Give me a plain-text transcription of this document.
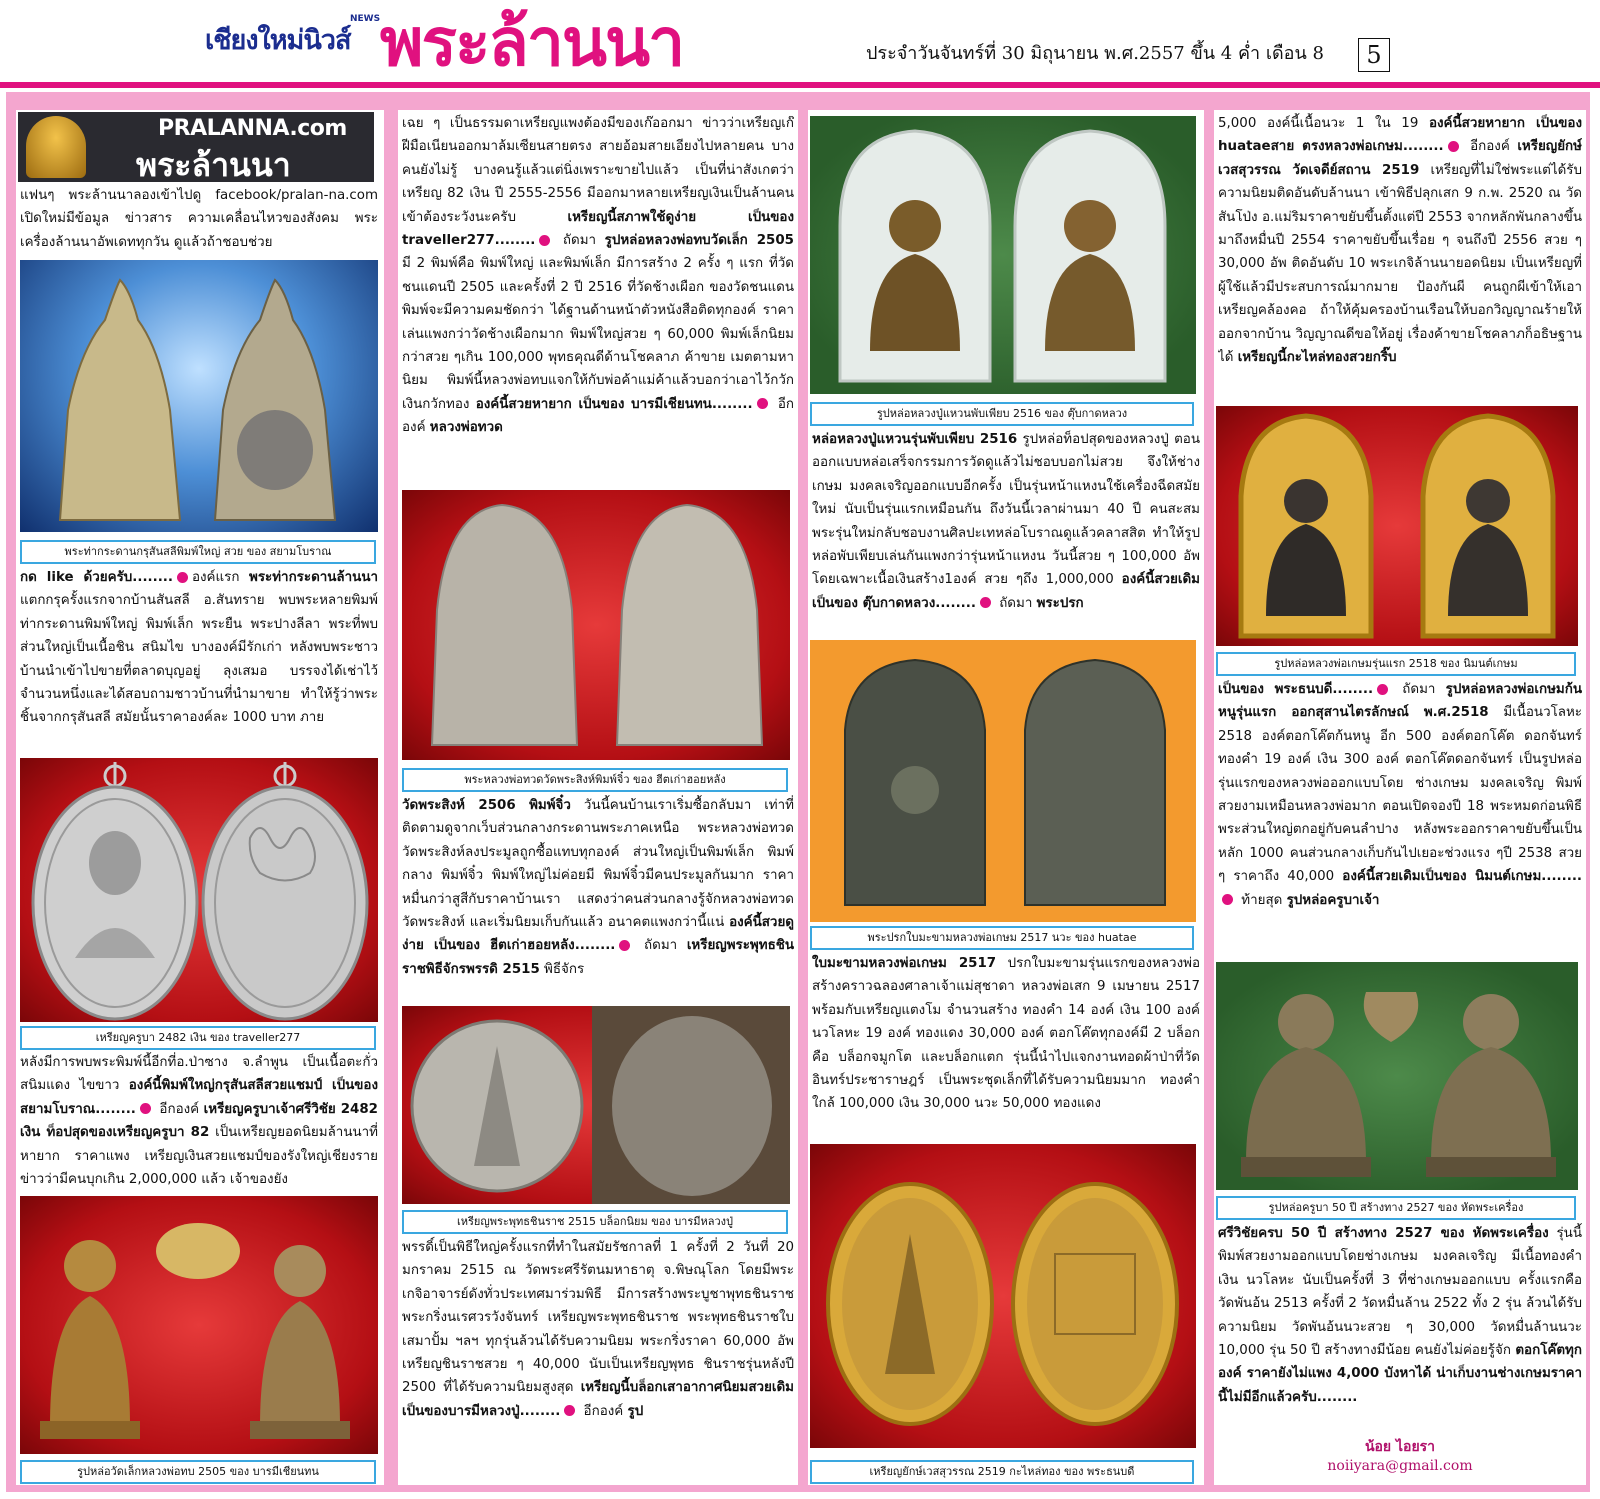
เชียงใหม่นิวส์
NEWS พระล้านนา	ประจำวันจันทร์ที่ 30 มิถุนายน พ.ศ.2557 ขึ้น 4 ค่ำ เดือน 8	5
PRALANNA.com
พระล้านนา
แฟนๆ พระล้านนาลองเข้าไปดู facebook/pralan-na.com เปิดใหม่มีข้อมูล ข่าวสาร ความเคลื่อนไหวของสังคม พระเครื่องล้านนาอัพเดททุกวัน ดูแล้วถ้าชอบช่วย
พระท่ากระดานกรุสันสลีพิมพ์ใหญ่ สวย ของ สยามโบราณ
กด like ด้วยครับ........ องค์แรก พระท่ากระดานล้านนา แตกกรุครั้งแรกจากบ้านสันสลี อ.สันทราย พบพระหลายพิมพ์ ท่ากระดานพิมพ์ใหญ่ พิมพ์เล็ก พระยืน พระปางลีลา พระที่พบส่วนใหญ่เป็นเนื้อชิน สนิมไข บางองค์มีรักเก่า หลังพบพระชาวบ้านนำเข้าไปขายที่ตลาดบุญอยู่ ลุงเสมอ บรรจงได้เช่าไว้จำนวนหนึ่งและได้สอบถามชาวบ้านที่นำมาขาย ทำให้รู้ว่าพระชิ้นจากกรุสันสลี สมัยนั้นราคาองค์ละ 1000 บาท ภาย
เหรียญครูบา 2482 เงิน ของ traveller277
หลังมีการพบพระพิมพ์นี้อีกที่อ.ป่าซาง จ.ลำพูน เป็นเนื้อตะกั่วสนิมแดง ไขขาว องค์นี้พิมพ์ใหญ่กรุสันสลีสวยแชมป์ เป็นของ สยามโบราณ........ อีกองค์ เหรียญครูบาเจ้าศรีวิชัย 2482 เงิน ท็อปสุดของเหรียญครูบา 82 เป็นเหรียญยอดนิยมล้านนาที่หายาก ราคาแพง เหรียญเงินสวยแชมป์ของรังใหญ่เชียงรายข่าวว่ามีคนบุกเกิน 2,000,000 แล้ว เจ้าของยัง
รูปหล่อวัดเล็กหลวงพ่อทบ 2505 ของ บารมีเชียนทน
เฉย ๆ เป็นธรรมดาเหรียญแพงต้องมีของเก๊ออกมา ข่าวว่าเหรียญเก๊ฝีมือเนียนออกมาล้มเซียนสายตรง สายอ้อมสายเอียงไปหลายคน บางคนยังไม่รู้ บางคนรู้แล้วแต่นิ่งเพราะขายไปแล้ว เป็นที่น่าสังเกตว่าเหรียญ 82 เงิน ปี 2555-2556 มีออกมาหลายเหรียญเงินเป็นล้านคนเข้าต้องระวังนะครับ เหรียญนี้สภาพใช้ดูง่าย เป็นของ traveller277........ ถัดมา รูปหล่อหลวงพ่อทบวัดเล็ก 2505 มี 2 พิมพ์คือ พิมพ์ใหญ่ และพิมพ์เล็ก มีการสร้าง 2 ครั้ง ๆ แรก ที่วัดชนแดนปี 2505 และครั้งที่ 2 ปี 2516 ที่วัดช้างเผือก ของวัดชนแดนพิมพ์จะมีความคมชัดกว่า ได้ฐานด้านหน้าตัวหนังสือติดทุกองค์ ราคาเล่นแพงกว่าวัดช้างเผือกมาก พิมพ์ใหญ่สวย ๆ 60,000 พิมพ์เล็กนิยมกว่าสวย ๆเกิน 100,000 พุทธคุณดีด้านโชคลาภ ค้าขาย เมตตามหานิยม พิมพ์นี้หลวงพ่อทบแจกให้กับพ่อค้าแม่ค้าแล้วบอกว่าเอาไว้กวักเงินกวักทอง องค์นี้สวยหายาก เป็นของ บารมีเชียนทน........ อีกองค์ หลวงพ่อทวด
พระหลวงพ่อทวดวัดพระสิงห์พิมพ์จิ๋ว ของ ฮีตเก่าฮอยหลัง
วัดพระสิงห์ 2506 พิมพ์จิ๋ว วันนี้คนบ้านเราเริ่มซื้อกลับมา เท่าที่ติดตามดูจากเว็บส่วนกลางกระดานพระภาคเหนือ พระหลวงพ่อทวดวัดพระสิงห์ลงประมูลถูกซื้อแทบทุกองค์ ส่วนใหญ่เป็นพิมพ์เล็ก พิมพ์กลาง พิมพ์จิ๋ว พิมพ์ใหญ่ไม่ค่อยมี พิมพ์จิ๋วมีคนประมูลกันมาก ราคาหมื่นกว่าสูสีกับราคาบ้านเรา แสดงว่าคนส่วนกลางรู้จักหลวงพ่อทวดวัดพระสิงห์ และเริ่มนิยมเก็บกันแล้ว อนาคตแพงกว่านี้แน่ องค์นี้สวยดูง่าย เป็นของ ฮีตเก่าฮอยหลัง........ ถัดมา เหรียญพระพุทธชินราชพิธีจักรพรรดิ 2515 พิธีจักร
เหรียญพระพุทธชินราช 2515 บล็อกนิยม ของ บารมีหลวงปู่
พรรดิ์เป็นพิธีใหญ่ครั้งแรกที่ทำในสมัยรัชกาลที่ 1 ครั้งที่ 2 วันที่ 20 มกราคม 2515 ณ วัดพระศรีรัตนมหาธาตุ จ.พิษณุโลก โดยมีพระเกจิอาจารย์ดังทั่วประเทศมาร่วมพิธี มีการสร้างพระบูชาพุทธชินราช พระกริ่งนเรศวรวังจันทร์ เหรียญพระพุทธชินราช พระพุทธชินราชใบเสมาปั้ม ฯลฯ ทุกรุ่นล้วนได้รับความนิยม พระกริ่งราคา 60,000 อัพ เหรียญชินราชสวย ๆ 40,000 นับเป็นเหรียญพุทธ ชินราชรุ่นหลังปี 2500 ที่ได้รับความนิยมสูงสุด เหรียญนี้บล็อกเสาอากาศนิยมสวยเดิม เป็นของบารมีหลวงปู่........ อีกองค์ รูป
รูปหล่อหลวงปู่แหวนพับเพียบ 2516 ของ ตุ๊บกาดหลวง
หล่อหลวงปู่แหวนรุ่นพับเพียบ 2516 รูปหล่อท็อปสุดของหลวงปู่ ตอนออกแบบหล่อเสร็จกรรมการวัดดูแล้วไม่ชอบบอกไม่สวย จึงให้ช่างเกษม มงคลเจริญออกแบบอีกครั้ง เป็นรุ่นหน้าแหงนใช้เครื่องฉีดสมัยใหม่ นับเป็นรุ่นแรกเหมือนกัน ถึงวันนี้เวลาผ่านมา 40 ปี คนสะสมพระรุ่นใหม่กลับชอบงานศิลปะเทหล่อโบราณดูแล้วคลาสสิต ทำให้รูปหล่อพับเพียบเล่นกันแพงกว่ารุ่นหน้าแหงน วันนี้สวย ๆ 100,000 อัพ โดยเฉพาะเนื้อเงินสร้าง1องค์ สวย ๆถึง 1,000,000 องค์นี้สวยเดิม เป็นของ ตุ๊บกาดหลวง........ ถัดมา พระปรก
พระปรกใบมะขามหลวงพ่อเกษม 2517 นวะ ของ huatae
ใบมะขามหลวงพ่อเกษม 2517 ปรกใบมะขามรุ่นแรกของหลวงพ่อ สร้างคราวฉลองศาลาเจ้าแม่สุชาดา หลวงพ่อเสก 9 เมษายน 2517 พร้อมกับเหรียญแตงโม จำนวนสร้าง ทองคำ 14 องค์ เงิน 100 องค์ นวโลหะ 19 องค์ ทองแดง 30,000 องค์ ตอกโค๊ตทุกองค์มี 2 บล็อกคือ บล็อกจมูกโต และบล็อกแตก รุ่นนี้นำไปแจกงานทอดผ้าป่าที่วัดอินทร์ประชาราษฎร์ เป็นพระชุดเล็กที่ได้รับความนิยมมาก ทองคำใกล้ 100,000 เงิน 30,000 นวะ 50,000 ทองแดง
เหรียญยักษ์เวสสุวรรณ 2519 กะไหล่ทอง ของ พระธนบดี
5,000 องค์นี้เนื้อนวะ 1 ใน 19 องค์นี้สวยหายาก เป็นของ huataeสาย ตรงหลวงพ่อเกษม........ อีกองค์ เหรียญยักษ์เวสสุวรรณ วัดเจดีย์สถาน 2519 เหรียญที่ไม่ใช่พระแต่ได้รับความนิยมติดอันดับล้านนา เข้าพิธีปลุกเสก 9 ก.พ. 2520 ณ วัดสันโป่ง อ.แม่ริมราคาขยับขึ้นตั้งแต่ปี 2553 จากหลักพันกลางขึ้นมาถึงหมื่นปี 2554 ราคาขยับขึ้นเรื่อย ๆ จนถึงปี 2556 สวย ๆ 30,000 อัพ ติดอันดับ 10 พระเกจิล้านนายอดนิยม เป็นเหรียญที่ผู้ใช้แล้วมีประสบการณ์มากมาย ป้องกันผี คนถูกผีเข้าให้เอาเหรียญคล้องคอ ถ้าให้คุ้มครองบ้านเรือนให้บอกวิญญาณร้ายให้ออกจากบ้าน วิญญาณดีขอให้อยู่ เรื่องค้าขายโชคลาภก็อธิษฐานได้ เหรียญนี้กะไหล่ทองสวยกริ๊บ
รูปหล่อหลวงพ่อเกษมรุ่นแรก 2518 ของ นิมนต์เกษม
เป็นของ พระธนบดี........ ถัดมา รูปหล่อหลวงพ่อเกษมก้นหนูรุ่นแรก ออกสุสานไตรลักษณ์ พ.ศ.2518 มีเนื้อนวโลหะ 2518 องค์ตอกโค๊ตก้นหนู อีก 500 องค์ตอกโค๊ต ดอกจันทร์ ทองคำ 19 องค์ เงิน 300 องค์ ตอกโค๊ตดอกจันทร์ เป็นรูปหล่อรุ่นแรกของหลวงพ่อออกแบบโดย ช่างเกษม มงคลเจริญ พิมพ์สวยงามเหมือนหลวงพ่อมาก ตอนเปิดจองปี 18 พระหมดก่อนพิธี พระส่วนใหญ่ตกอยู่กับคนลำปาง หลังพระออกราคาขยับขึ้นเป็นหลัก 1000 คนส่วนกลางเก็บกันไปเยอะช่วงแรง ๆปี 2538 สวย ๆ ราคาถึง 40,000 องค์นี้สวยเดิมเป็นของ นิมนต์เกษม........ ท้ายสุด รูปหล่อครูบาเจ้า
รูปหล่อครูบา 50 ปี สร้างทาง 2527 ของ หัดพระเครื่อง
ศรีวิชัยครบ 50 ปี สร้างทาง 2527 ของ หัดพระเครื่อง รุ่นนี้พิมพ์สวยงามออกแบบโดยช่างเกษม มงคลเจริญ มีเนื้อทองคำ เงิน นวโลหะ นับเป็นครั้งที่ 3 ที่ช่างเกษมออกแบบ ครั้งแรกคือ วัดพันอ้น 2513 ครั้งที่ 2 วัดหมื่นล้าน 2522 ทั้ง 2 รุ่น ล้วนได้รับความนิยม วัดพันอ้นนวะสวย ๆ 30,000 วัดหมื่นล้านนวะ 10,000 รุ่น 50 ปี สร้างทางมีน้อย คนยังไม่ค่อยรู้จัก ตอกโค๊ตทุกองค์ ราคายังไม่แพง 4,000 บังหาได้ น่าเก็บงานช่างเกษมราคานี้ไม่มีอีกแล้วครับ........
น้อย ไอยรา
noiiyara@gmail.com
